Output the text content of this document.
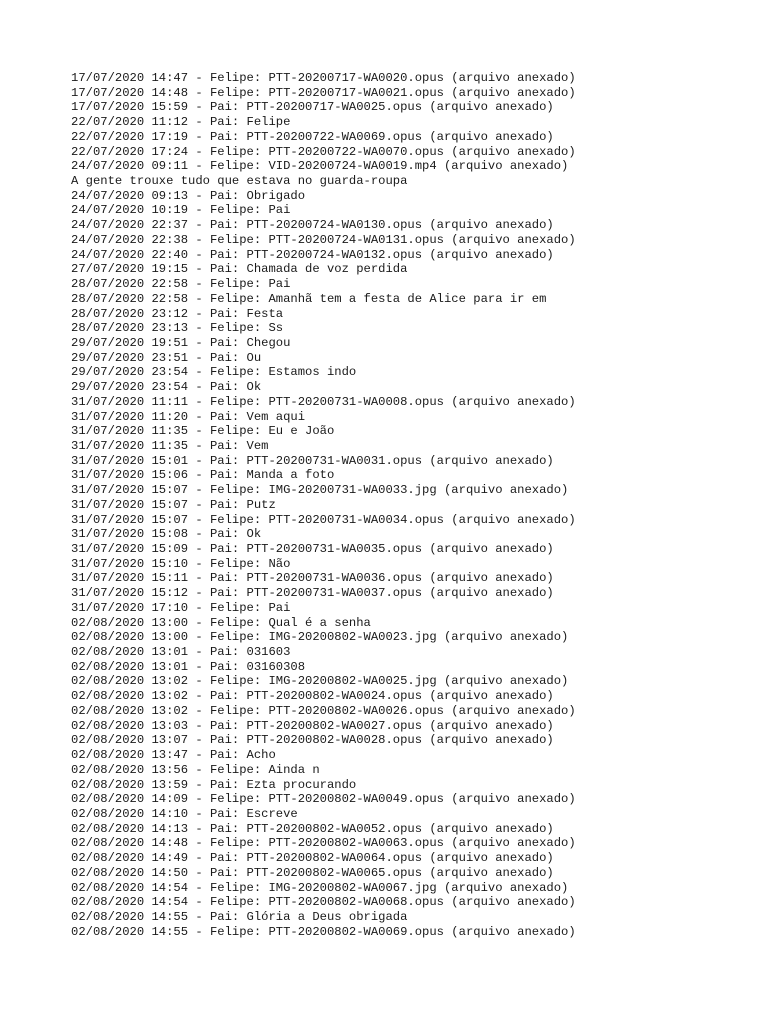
17/07/2020 14:47 - Felipe: PTT-20200717-WA0020.opus (arquivo anexado)
17/07/2020 14:48 - Felipe: PTT-20200717-WA0021.opus (arquivo anexado)
17/07/2020 15:59 - Pai: PTT-20200717-WA0025.opus (arquivo anexado)
22/07/2020 11:12 - Pai: Felipe
22/07/2020 17:19 - Pai: PTT-20200722-WA0069.opus (arquivo anexado)
22/07/2020 17:24 - Felipe: PTT-20200722-WA0070.opus (arquivo anexado)
24/07/2020 09:11 - Felipe: VID-20200724-WA0019.mp4 (arquivo anexado)
A gente trouxe tudo que estava no guarda-roupa
24/07/2020 09:13 - Pai: Obrigado
24/07/2020 10:19 - Felipe: Pai
24/07/2020 22:37 - Pai: PTT-20200724-WA0130.opus (arquivo anexado)
24/07/2020 22:38 - Felipe: PTT-20200724-WA0131.opus (arquivo anexado)
24/07/2020 22:40 - Pai: PTT-20200724-WA0132.opus (arquivo anexado)
27/07/2020 19:15 - Pai: Chamada de voz perdida
28/07/2020 22:58 - Felipe: Pai
28/07/2020 22:58 - Felipe: Amanhã tem a festa de Alice para ir em
28/07/2020 23:12 - Pai: Festa
28/07/2020 23:13 - Felipe: Ss
29/07/2020 19:51 - Pai: Chegou
29/07/2020 23:51 - Pai: Ou
29/07/2020 23:54 - Felipe: Estamos indo
29/07/2020 23:54 - Pai: Ok
31/07/2020 11:11 - Felipe: PTT-20200731-WA0008.opus (arquivo anexado)
31/07/2020 11:20 - Pai: Vem aqui
31/07/2020 11:35 - Felipe: Eu e João
31/07/2020 11:35 - Pai: Vem
31/07/2020 15:01 - Pai: PTT-20200731-WA0031.opus (arquivo anexado)
31/07/2020 15:06 - Pai: Manda a foto
31/07/2020 15:07 - Felipe: IMG-20200731-WA0033.jpg (arquivo anexado)
31/07/2020 15:07 - Pai: Putz
31/07/2020 15:07 - Felipe: PTT-20200731-WA0034.opus (arquivo anexado)
31/07/2020 15:08 - Pai: Ok
31/07/2020 15:09 - Pai: PTT-20200731-WA0035.opus (arquivo anexado)
31/07/2020 15:10 - Felipe: Não
31/07/2020 15:11 - Pai: PTT-20200731-WA0036.opus (arquivo anexado)
31/07/2020 15:12 - Pai: PTT-20200731-WA0037.opus (arquivo anexado)
31/07/2020 17:10 - Felipe: Pai
02/08/2020 13:00 - Felipe: Qual é a senha
02/08/2020 13:00 - Felipe: IMG-20200802-WA0023.jpg (arquivo anexado)
02/08/2020 13:01 - Pai: 031603
02/08/2020 13:01 - Pai: 03160308
02/08/2020 13:02 - Felipe: IMG-20200802-WA0025.jpg (arquivo anexado)
02/08/2020 13:02 - Pai: PTT-20200802-WA0024.opus (arquivo anexado)
02/08/2020 13:02 - Felipe: PTT-20200802-WA0026.opus (arquivo anexado)
02/08/2020 13:03 - Pai: PTT-20200802-WA0027.opus (arquivo anexado)
02/08/2020 13:07 - Pai: PTT-20200802-WA0028.opus (arquivo anexado)
02/08/2020 13:47 - Pai: Acho
02/08/2020 13:56 - Felipe: Ainda n
02/08/2020 13:59 - Pai: Ezta procurando
02/08/2020 14:09 - Felipe: PTT-20200802-WA0049.opus (arquivo anexado)
02/08/2020 14:10 - Pai: Escreve
02/08/2020 14:13 - Pai: PTT-20200802-WA0052.opus (arquivo anexado)
02/08/2020 14:48 - Felipe: PTT-20200802-WA0063.opus (arquivo anexado)
02/08/2020 14:49 - Pai: PTT-20200802-WA0064.opus (arquivo anexado)
02/08/2020 14:50 - Pai: PTT-20200802-WA0065.opus (arquivo anexado)
02/08/2020 14:54 - Felipe: IMG-20200802-WA0067.jpg (arquivo anexado)
02/08/2020 14:54 - Felipe: PTT-20200802-WA0068.opus (arquivo anexado)
02/08/2020 14:55 - Pai: Glória a Deus obrigada
02/08/2020 14:55 - Felipe: PTT-20200802-WA0069.opus (arquivo anexado)
